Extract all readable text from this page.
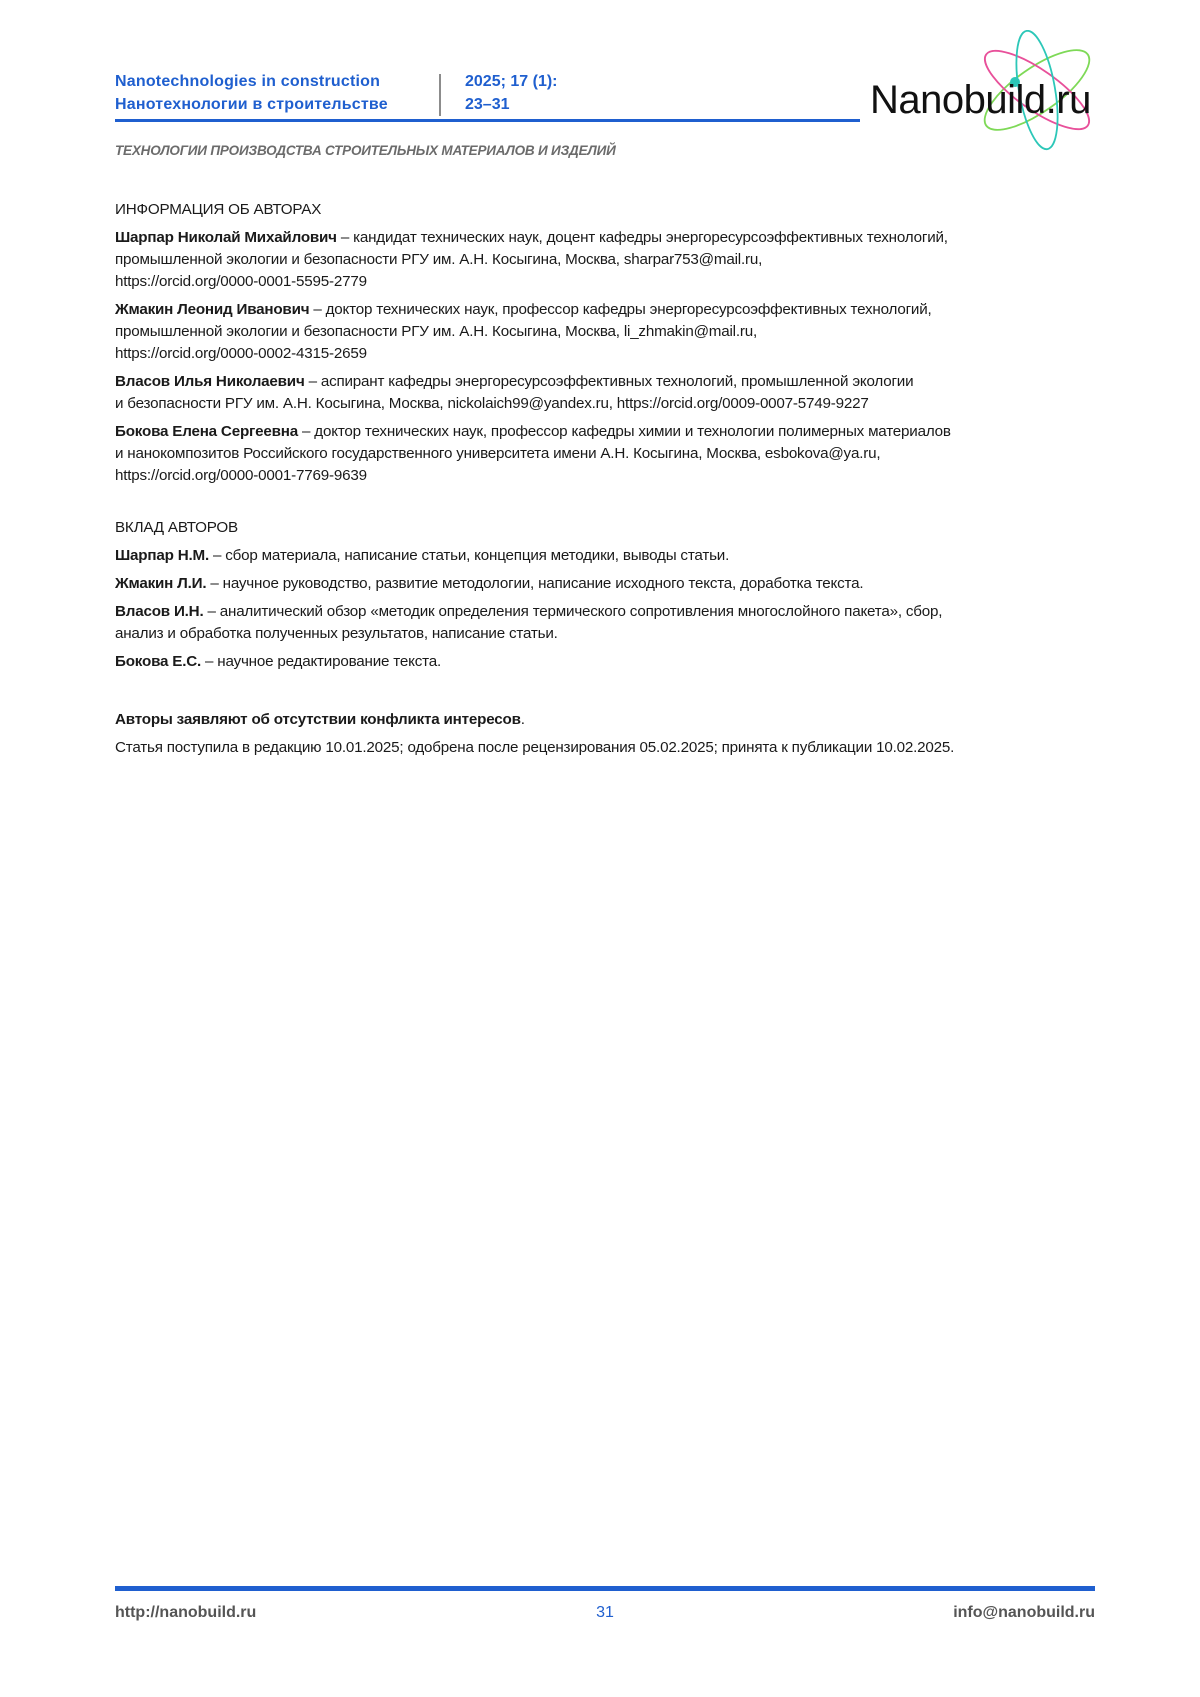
Nanotechnologies in construction
Нанотехнологии в строительстве
2025; 17 (1):
23–31	Nanobuild.ru
ТЕХНОЛОГИИ ПРОИЗВОДСТВА СТРОИТЕЛЬНЫХ МАТЕРИАЛОВ И ИЗДЕЛИЙ
ИНФОРМАЦИЯ ОБ АВТОРАХ
Шарпар Николай Михайлович – кандидат технических наук, доцент кафедры энергоресурсоэффективных технологий,
промышленной экологии и безопасности РГУ им. А.Н. Косыгина, Москва, sharpar753@mail.ru,
https://orcid.org/0000-0001-5595-2779
Жмакин Леонид Иванович – доктор технических наук, профессор кафедры энергоресурсоэффективных технологий,
промышленной экологии и безопасности РГУ им. А.Н. Косыгина, Москва, li_zhmakin@mail.ru,
https://orcid.org/0000-0002-4315-2659
Власов Илья Николаевич – аспирант кафедры энергоресурсоэффективных технологий, промышленной экологии
и безопасности РГУ им. А.Н. Косыгина, Москва, nickolaich99@yandex.ru, https://orcid.org/0009-0007-5749-9227
Бокова Елена Сергеевна – доктор технических наук, профессор кафедры химии и технологии полимерных материалов
и нанокомпозитов Российского государственного университета имени А.Н. Косыгина, Москва, esbokova@ya.ru,
https://orcid.org/0000-0001-7769-9639
ВКЛАД АВТОРОВ
Шарпар Н.М. – сбор материала, написание статьи, концепция методики, выводы статьи.
Жмакин Л.И. – научное руководство, развитие методологии, написание исходного текста, доработка текста.
Власов И.Н. – аналитический обзор «методик определения термического сопротивления многослойного пакета», сбор,
анализ и обработка полученных результатов, написание статьи.
Бокова Е.С. – научное редактирование текста.
Авторы заявляют об отсутствии конфликта интересов.
Статья поступила в редакцию 10.01.2025; одобрена после рецензирования 05.02.2025; принята к публикации 10.02.2025.
http://nanobuild.ru	31	info@nanobuild.ru
